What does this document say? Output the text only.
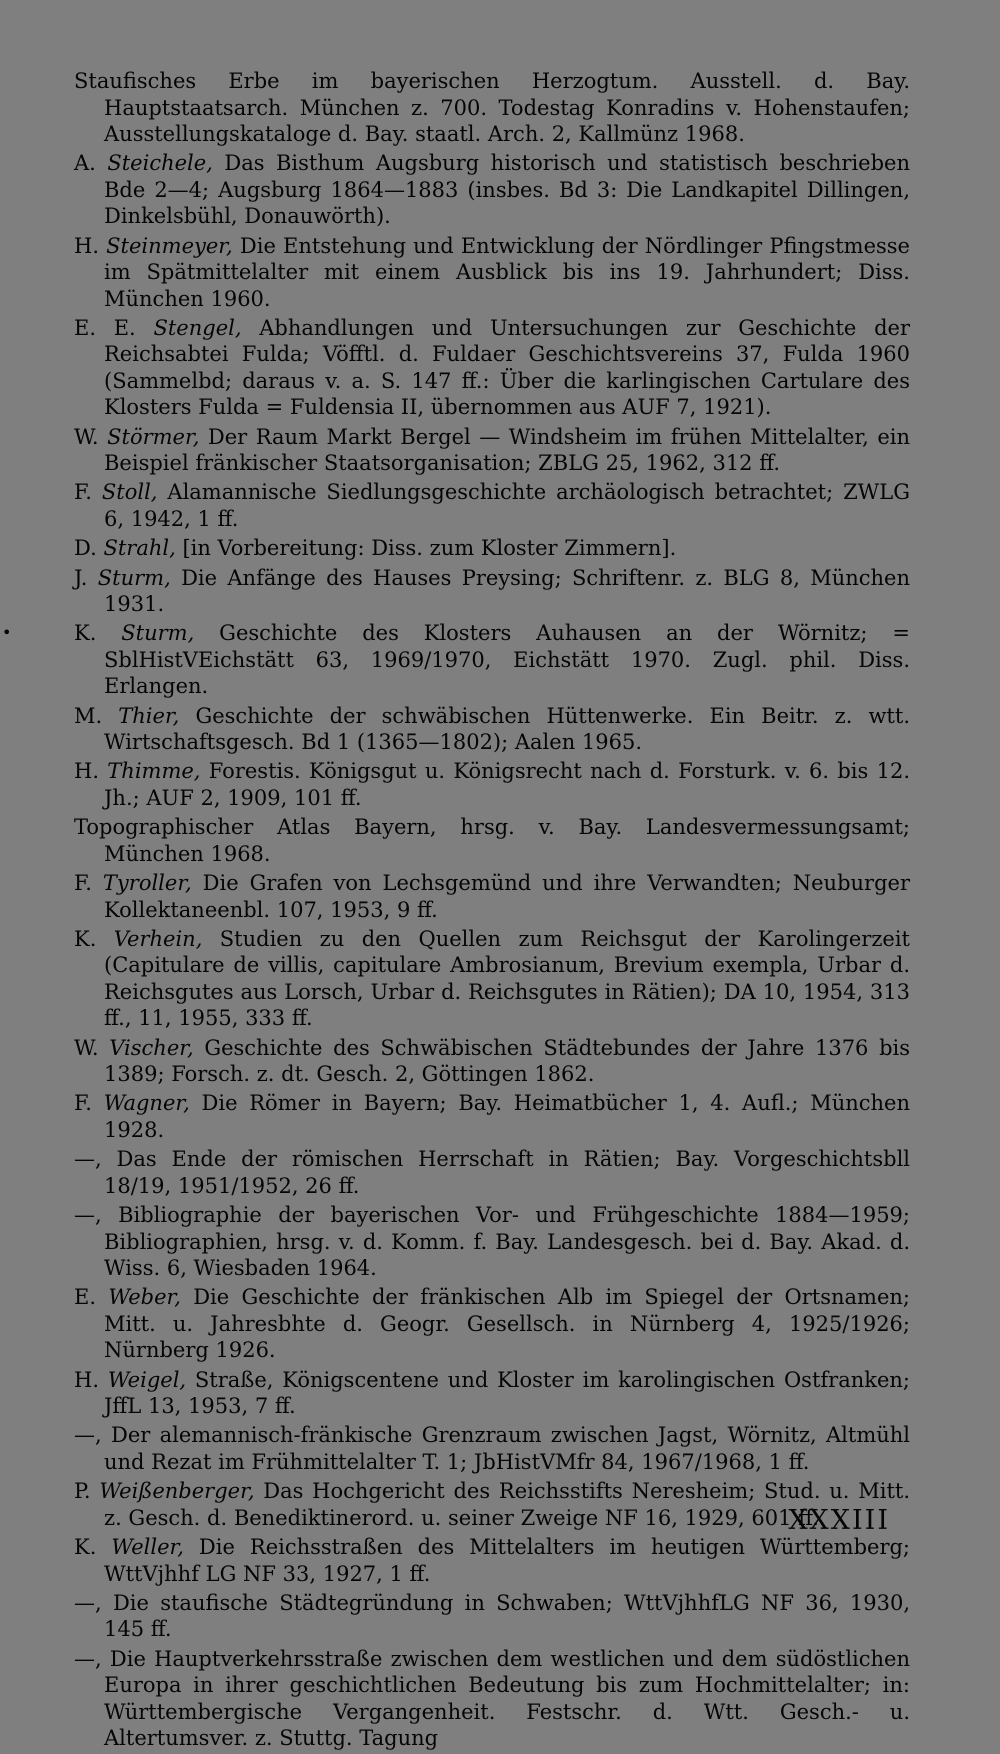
Staufisches Erbe im bayerischen Herzogtum. Ausstell. d. Bay. Hauptstaatsarch. München z. 700. Todestag Konradins v. Hohenstaufen; Ausstellungskataloge d. Bay. staatl. Arch. 2, Kallmünz 1968.
A. Steichele, Das Bisthum Augsburg historisch und statistisch beschrieben Bde 2—4; Augsburg 1864—1883 (insbes. Bd 3: Die Landkapitel Dillingen, Dinkelsbühl, Donauwörth).
H. Steinmeyer, Die Entstehung und Entwicklung der Nördlinger Pfingstmesse im Spätmittelalter mit einem Ausblick bis ins 19. Jahrhundert; Diss. München 1960.
E. E. Stengel, Abhandlungen und Untersuchungen zur Geschichte der Reichsabtei Fulda; Vöfftl. d. Fuldaer Geschichtsvereins 37, Fulda 1960 (Sammelbd; daraus v. a. S. 147 ff.: Über die karlingischen Cartulare des Klosters Fulda = Fuldensia II, übernommen aus AUF 7, 1921).
W. Störmer, Der Raum Markt Bergel — Windsheim im frühen Mittelalter, ein Beispiel fränkischer Staatsorganisation; ZBLG 25, 1962, 312 ff.
F. Stoll, Alamannische Siedlungsgeschichte archäologisch betrachtet; ZWLG 6, 1942, 1 ff.
D. Strahl, [in Vorbereitung: Diss. zum Kloster Zimmern].
J. Sturm, Die Anfänge des Hauses Preysing; Schriftenr. z. BLG 8, München 1931.
•	K. Sturm, Geschichte des Klosters Auhausen an der Wörnitz; = SblHistVEichstätt 63, 1969/1970, Eichstätt 1970. Zugl. phil. Diss. Erlangen.
M. Thier, Geschichte der schwäbischen Hüttenwerke. Ein Beitr. z. wtt. Wirtschaftsgesch. Bd 1 (1365—1802); Aalen 1965.
H. Thimme, Forestis. Königsgut u. Königsrecht nach d. Forsturk. v. 6. bis 12. Jh.; AUF 2, 1909, 101 ff.
Topographischer Atlas Bayern, hrsg. v. Bay. Landesvermessungsamt; München 1968.
F. Tyroller, Die Grafen von Lechsgemünd und ihre Verwandten; Neuburger Kollektaneenbl. 107, 1953, 9 ff.
K. Verhein, Studien zu den Quellen zum Reichsgut der Karolingerzeit (Capitulare de villis, capitulare Ambrosianum, Brevium exempla, Urbar d. Reichsgutes aus Lorsch, Urbar d. Reichsgutes in Rätien); DA 10, 1954, 313 ff., 11, 1955, 333 ff.
W. Vischer, Geschichte des Schwäbischen Städtebundes der Jahre 1376 bis 1389; Forsch. z. dt. Gesch. 2, Göttingen 1862.
F. Wagner, Die Römer in Bayern; Bay. Heimatbücher 1, 4. Aufl.; München 1928.
—, Das Ende der römischen Herrschaft in Rätien; Bay. Vorgeschichtsbll 18/19, 1951/1952, 26 ff.
—, Bibliographie der bayerischen Vor- und Frühgeschichte 1884—1959; Bibliographien, hrsg. v. d. Komm. f. Bay. Landesgesch. bei d. Bay. Akad. d. Wiss. 6, Wiesbaden 1964.
E. Weber, Die Geschichte der fränkischen Alb im Spiegel der Ortsnamen; Mitt. u. Jahresbhte d. Geogr. Gesellsch. in Nürnberg 4, 1925/1926; Nürnberg 1926.
H. Weigel, Straße, Königscentene und Kloster im karolingischen Ostfranken; JffL 13, 1953, 7 ff.
—, Der alemannisch-fränkische Grenzraum zwischen Jagst, Wörnitz, Altmühl und Rezat im Frühmittelalter T. 1; JbHistVMfr 84, 1967/1968, 1 ff.
P. Weißenberger, Das Hochgericht des Reichsstifts Neresheim; Stud. u. Mitt. z. Gesch. d. Benediktinerord. u. seiner Zweige NF 16, 1929, 601 ff.
K. Weller, Die Reichsstraßen des Mittelalters im heutigen Württemberg; WttVjhhf LG NF 33, 1927, 1 ff.
—, Die staufische Städtegründung in Schwaben; WttVjhhfLG NF 36, 1930, 145 ff.
—, Die Hauptverkehrsstraße zwischen dem westlichen und dem südöstlichen Europa in ihrer geschichtlichen Bedeutung bis zum Hochmittelalter; in: Württembergische Vergangenheit. Festschr. d. Wtt. Gesch.- u. Altertumsver. z. Stuttg. Tagung
XXXIII
